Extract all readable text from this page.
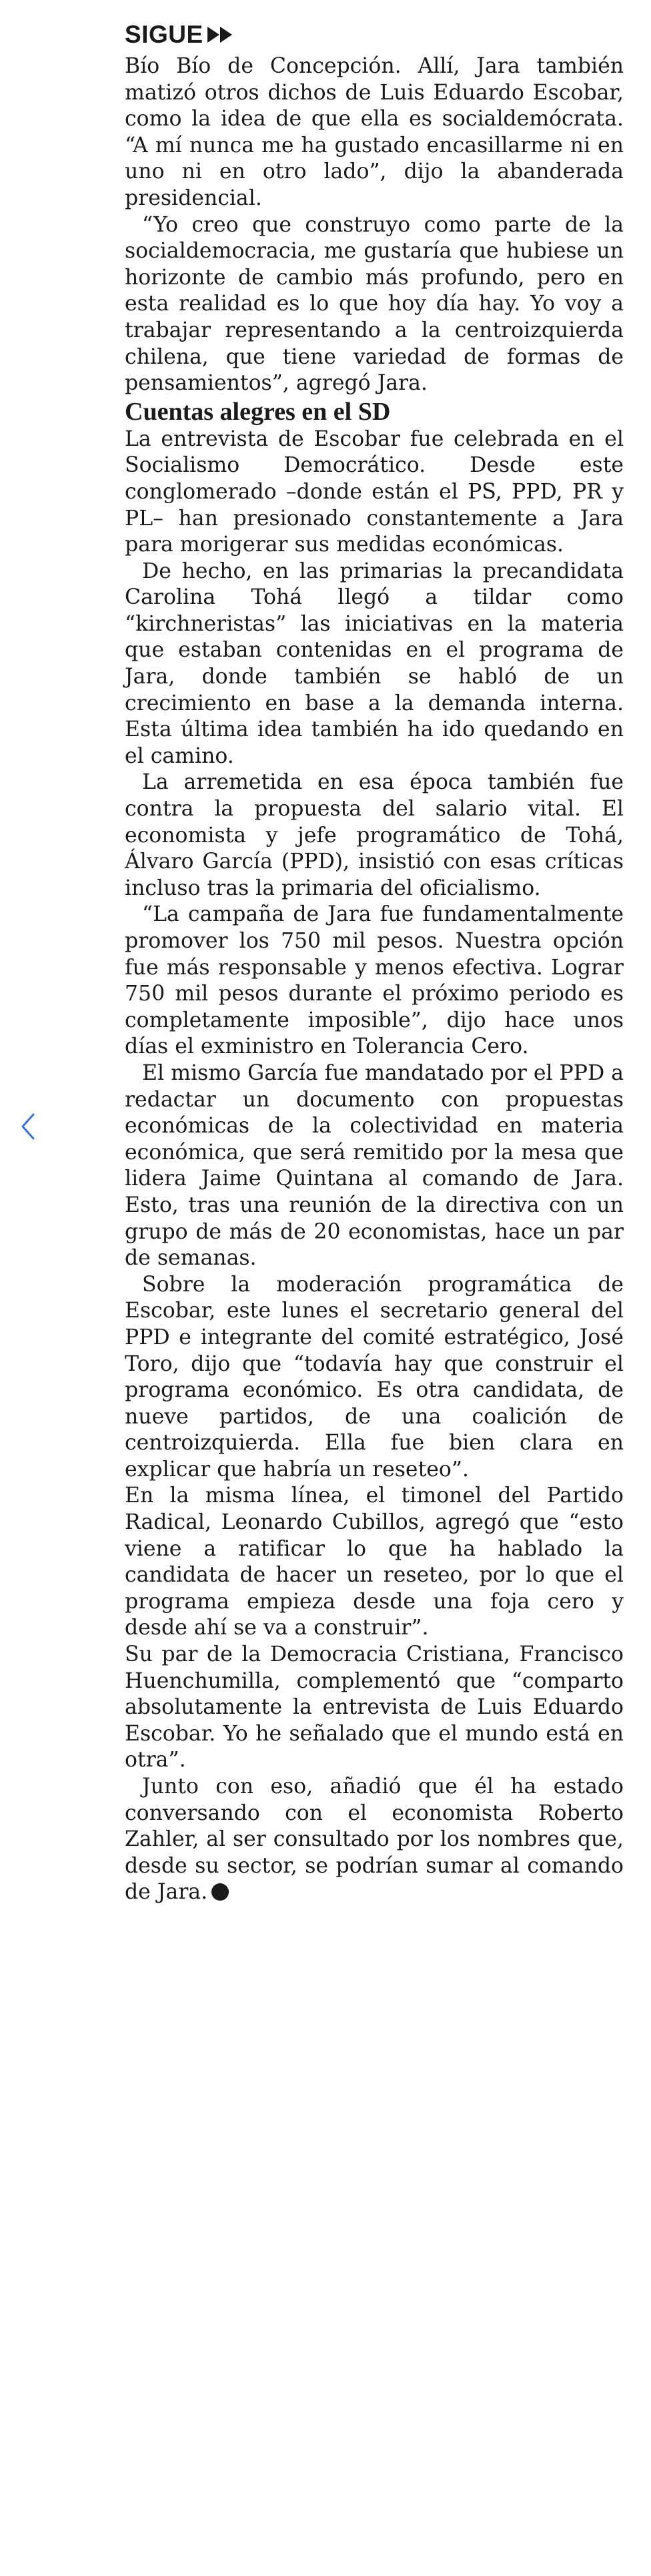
SIGUE

Bío Bío de Concepción. Allí, Jara también matizó otros dichos de Luis Eduardo Escobar, como la idea de que ella es socialdemócrata. “A mí nunca me ha gustado encasillarme ni en uno ni en otro lado”, dijo la abanderada presidencial.

“Yo creo que construyo como parte de la socialdemocracia, me gustaría que hubiese un horizonte de cambio más profundo, pero en esta realidad es lo que hoy día hay. Yo voy a trabajar representando a la centroizquierda chilena, que tiene variedad de formas de pensamientos”, agregó Jara.

Cuentas alegres en el SD

La entrevista de Escobar fue celebrada en el Socialismo Democrático. Desde este conglomerado –donde están el PS, PPD, PR y PL– han presionado constantemente a Jara para morigerar sus medidas económicas.

De hecho, en las primarias la precandidata Carolina Tohá llegó a tildar como “kirchneristas” las iniciativas en la materia que estaban contenidas en el programa de Jara, donde también se habló de un crecimiento en base a la demanda interna. Esta última idea también ha ido quedando en el camino.

La arremetida en esa época también fue contra la propuesta del salario vital. El economista y jefe programático de Tohá, Álvaro García (PPD), insistió con esas críticas incluso tras la primaria del oficialismo.

“La campaña de Jara fue fundamentalmente promover los 750 mil pesos. Nuestra opción fue más responsable y menos efectiva. Lograr 750 mil pesos durante el próximo periodo es completamente imposible”, dijo hace unos días el exministro en Tolerancia Cero.

El mismo García fue mandatado por el PPD a redactar un documento con propuestas económicas de la colectividad en materia económica, que será remitido por la mesa que lidera Jaime Quintana al comando de Jara. Esto, tras una reunión de la directiva con un grupo de más de 20 economistas, hace un par de semanas.

Sobre la moderación programática de Escobar, este lunes el secretario general del PPD e integrante del comité estratégico, José Toro, dijo que “todavía hay que construir el programa económico. Es otra candidata, de nueve partidos, de una coalición de centroizquierda. Ella fue bien clara en explicar que habría un reseteo”.

En la misma línea, el timonel del Partido Radical, Leonardo Cubillos, agregó que “esto viene a ratificar lo que ha hablado la candidata de hacer un reseteo, por lo que el programa empieza desde una foja cero y desde ahí se va a construir”.

Su par de la Democracia Cristiana, Francisco Huenchumilla, complementó que “comparto absolutamente la entrevista de Luis Eduardo Escobar. Yo he señalado que el mundo está en otra”.

Junto con eso, añadió que él ha estado conversando con el economista Roberto Zahler, al ser consultado por los nombres que, desde su sector, se podrían sumar al comando de Jara.
